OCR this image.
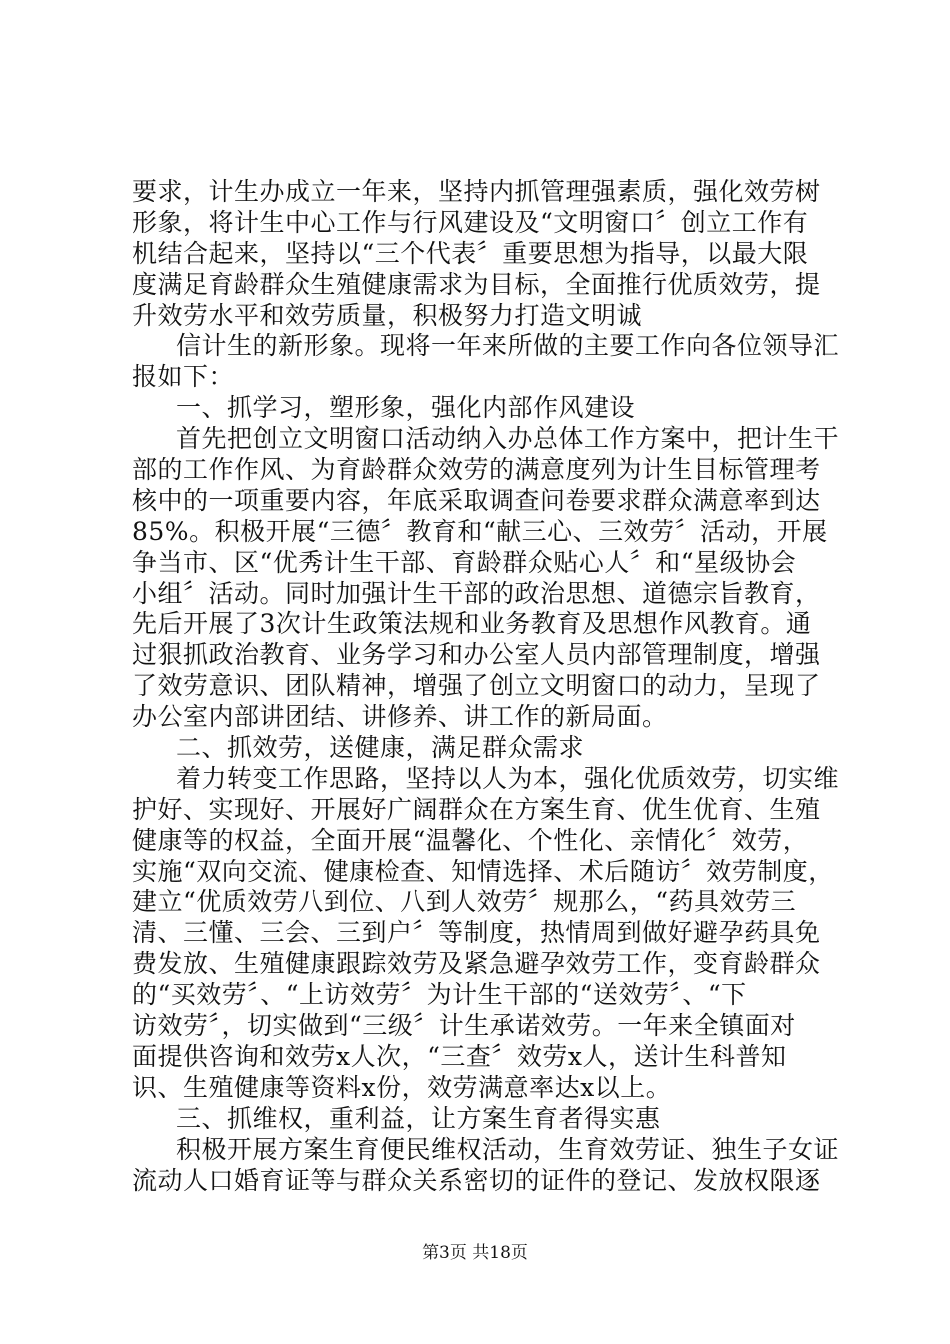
要求，计生办成立一年来，坚持内抓管理强素质，强化效劳树
形象，将计生中心工作与行风建设及“文明窗口〞创立工作有
机结合起来，坚持以“三个代表〞重要思想为指导，以最大限
度满足育龄群众生殖健康需求为目标，全面推行优质效劳，提
升效劳水平和效劳质量，积极努力打造文明诚
信计生的新形象。现将一年来所做的主要工作向各位领导汇
报如下：
一、抓学习，塑形象，强化内部作风建设
首先把创立文明窗口活动纳入办总体工作方案中，把计生干
部的工作作风、为育龄群众效劳的满意度列为计生目标管理考
核中的一项重要内容，年底采取调查问卷要求群众满意率到达
85%。积极开展“三德〞教育和“献三心、三效劳〞活动，开展
争当市、区“优秀计生干部、育龄群众贴心人〞和“星级协会
小组〞活动。同时加强计生干部的政治思想、道德宗旨教育，
先后开展了3次计生政策法规和业务教育及思想作风教育。通
过狠抓政治教育、业务学习和办公室人员内部管理制度，增强
了效劳意识、团队精神，增强了创立文明窗口的动力，呈现了
办公室内部讲团结、讲修养、讲工作的新局面。
二、抓效劳，送健康，满足群众需求
着力转变工作思路，坚持以人为本，强化优质效劳，切实维
护好、实现好、开展好广阔群众在方案生育、优生优育、生殖
健康等的权益，全面开展“温馨化、个性化、亲情化〞效劳，
实施“双向交流、健康检查、知情选择、术后随访〞效劳制度，
建立“优质效劳八到位、八到人效劳〞规那么，“药具效劳三
清、三懂、三会、三到户〞等制度，热情周到做好避孕药具免
费发放、生殖健康跟踪效劳及紧急避孕效劳工作，变育龄群众
的“买效劳〞、“上访效劳〞为计生干部的“送效劳〞、“下
访效劳〞，切实做到“三级〞计生承诺效劳。一年来全镇面对
面提供咨询和效劳x人次，“三查〞效劳x人，送计生科普知
识、生殖健康等资料x份，效劳满意率达x以上。
三、抓维权，重利益，让方案生育者得实惠
积极开展方案生育便民维权活动，生育效劳证、独生子女证
流动人口婚育证等与群众关系密切的证件的登记、发放权限逐
第3页 共18页
